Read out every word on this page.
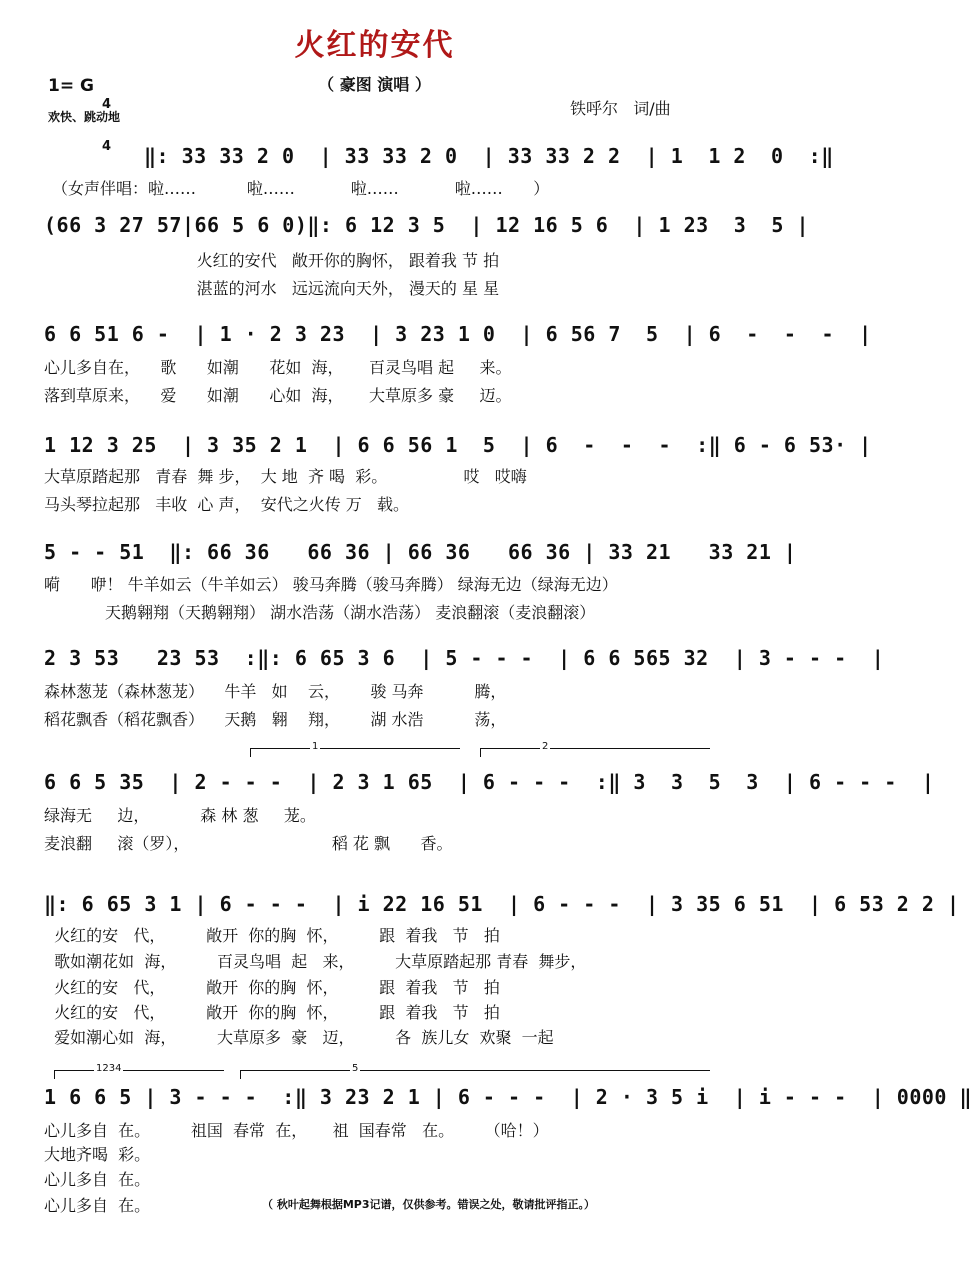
火红的安代
（ 豪图 演唱 ）
1= G

4

4

欢快、跳动地	铁呼尔   词/曲
‖: 33 33 2 0  | 33 33 2 0  | 33 33 2 2  | 1  1 2  0  :‖
（女声伴唱：啦……          啦……           啦……           啦……      ）
(66 3 27 57|66 5 6 0)‖: 6 12 3 5  | 12 16 5 6  | 1 23  3  5 |
火红的安代   敞开你的胸怀， 跟着我 节 拍
湛蓝的河水   远远流向天外， 漫天的 星 星
6 6 51 6 -  | 1 · 2 3 23  | 3 23 1 0  | 6 56 7  5  | 6  -  -  -  |
心儿多自在，    歌      如潮      花如  海，     百灵鸟唱 起     来。
落到草原来，    爱      如潮      心如  海，     大草原多 豪     迈。
1 12 3 25  | 3 35 2 1  | 6 6 56 1  5  | 6  -  -  -  :‖ 6 - 6 53· |
大草原踏起那   青春  舞 步，  大 地  齐 喝  彩。               哎   哎嗨
马头琴拉起那   丰收  心 声，  安代之火传 万   载。
5 - - 51  ‖: 66 36   66 36 | 66 36   66 36 | 33 21   33 21 |
嗬      咿！ 牛羊如云（牛羊如云） 骏马奔腾（骏马奔腾） 绿海无边（绿海无边）
天鹅翱翔（天鹅翱翔） 湖水浩荡（湖水浩荡） 麦浪翻滚（麦浪翻滚）
2 3 53   23 53  :‖: 6 65 3 6  | 5 - - -  | 6 6 565 32  | 3 - - -  |
森林葱茏（森林葱茏）    牛羊   如    云，      骏 马奔          腾，
稻花飘香（稻花飘香）    天鹅   翱    翔，      湖 水浩          荡，

1

	2

6 6 5 35  | 2 - - -  | 2 3 1 65  | 6 - - -  :‖ 3  3  5  3  | 6 - - -  |
绿海无     边，          森 林 葱     茏。
麦浪翻     滚（罗），                            稻 花 飘      香。
‖: 6 65 3 1 | 6 - - -  | i 22 16 51  | 6 - - -  | 3 35 6 51  | 6 53 2 2 |
火红的安   代，        敞开  你的胸  怀，        跟  着我   节   拍
歌如潮花如  海，        百灵鸟唱  起   来，        大草原踏起那 青春  舞步，
火红的安   代，        敞开  你的胸  怀，        跟  着我   节   拍
火红的安   代，        敞开  你的胸  怀，        跟  着我   节   拍
爱如潮心如  海，        大草原多  豪   迈，        各  族儿女  欢聚  一起

1234

	5

1 6 6 5 | 3 - - -  :‖ 3 23 2 1 | 6 - - -  | 2 · 3 5 i  | i - - -  | 0000 ‖
心儿多自  在。        祖国  春常  在，     祖  国春常   在。      （哈！）
大地齐喝  彩。
心儿多自  在。
心儿多自  在。	（ 秋叶起舞根据MP3记谱，仅供参考。错误之处，敬请批评指正。）
